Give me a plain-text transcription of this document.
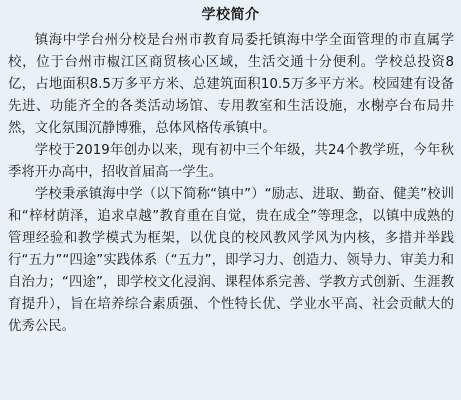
学校简介

镇海中学台州分校是台州市教育局委托镇海中学全面管理的市直属学校，位于台州市椒江区商贸核心区域，生活交通十分便利。学校总投资8亿，占地面积8.5万多平方米、总建筑面积10.5万多平方米。校园建有设备先进、功能齐全的各类活动场馆、专用教室和生活设施，水榭亭台布局井然，文化氛围沉静博雅，总体风格传承镇中。

学校于2019年创办以来，现有初中三个年级，共24个教学班，今年秋季将开办高中，招收首届高一学生。

学校秉承镇海中学（以下简称“镇中”）“励志、进取、勤奋、健美”校训和“梓材荫泽，追求卓越”教育重在自觉，贵在成全”等理念，以镇中成熟的管理经验和教学模式为框架，以优良的校风教风学风为内核，多措并举践行“五力”“四途”实践体系（“五力”，即学习力、创造力、领导力、审美力和自治力；“四途”，即学校文化浸润、课程体系完善、学教方式创新、生涯教育提升），旨在培养综合素质强、个性特长优、学业水平高、社会贡献大的优秀公民。
